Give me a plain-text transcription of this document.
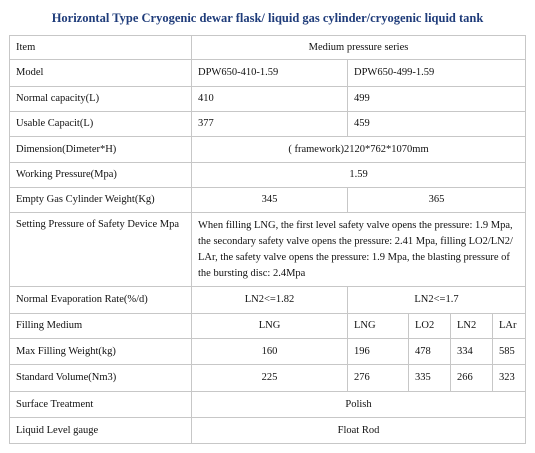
Horizontal Type Cryogenic dewar flask/ liquid gas cylinder/cryogenic liquid tank
Item	Medium pressure series				
Model	DPW650-410-1.59	DPW650-499-1.59			
Normal capacity(L)	410	499			
Usable Capacit(L)	377	459			
Dimension(Dimeter*H)	( framework)2120*762*1070mm				
Working Pressure(Mpa)	1.59				
Empty Gas Cylinder Weight(Kg)	345	365			
Setting Pressure of Safety Device Mpa	When filling LNG, the first level safety valve opens the pressure: 1.9 Mpa, the secondary safety valve opens the pressure: 2.41 Mpa, filling LO2/LN2/ LAr, the safety valve opens the pressure: 1.9 Mpa, the blasting pressure of the bursting disc: 2.4Mpa				
Normal Evaporation Rate(%/d)	LN2<=1.82	LN2<=1.7			
Filling Medium	LNG	LNG	LO2	LN2	LAr
Max Filling Weight(kg)	160	196	478	334	585
Standard Volume(Nm3)	225	276	335	266	323
Surface Treatment	Polish				
Liquid Level gauge	Float Rod				
